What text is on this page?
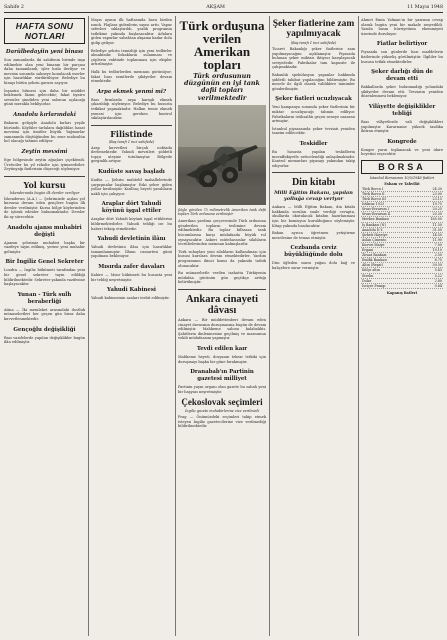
Sahife 2	AKŞAM	11 Mayıs 1948
HAFTA SONU NOTLARI
Darülbedayiin yeni binası

Son zamanlarda iki sahifenin birinde inşa edilmekte olan yeni binanın bir parçası daha tamamlandı; işler hızla ilerliyor ve mevsim sonunda sahneye konulacak eserler için hazırlıklar sürdürülüyor. Belediye bu binayı bütün şehrin gururu sayıyor.

İnşaatın bitmesi için daha bir müddet beklemek lâzım gelecektir; fakat tiyatro sevenler şimdiden yeni salonun açılacağı günü merakla bekliyorlar.

Anadolu kırlarındaki

Baharın gelişiyle Anadolu kırları yeşile büründü. Köylüler tarlalara dağıldılar, hasat mevsimi için ümitler büyük. Yağmurlar zamanında düştüğünden bu sene mahsulün bol olacağı tahmin ediliyor.

Zeytin mevsimi

Ege bölgesinde zeytin ağaçları çiçeklendi. Üreticiler bu yıl rekolte için iyimserdirler. Zeytinyağı fiatlerinin düşeceği söyleniyor.

Yol kursu
İskenderunda bugün ilk dersler veriliyor

İskenderun (A.A.) — Şehrimizde açılan yol kursuna devam eden gençlere bugün ilk dersler verilmiştir. Kursa bölge köylerinden de iştirak edenler bulunmaktadır. Dersler iki ay sürecektir.

Anadolu ajansı muhabiri değişti

Ajansın şehrimiz muhabiri başka bir vazifeye tayin edilmiş, yerine yeni muhabir gelmiştir.

Bir İngiliz Genel Sekreter

Londra — İngiliz hükümeti tarafından yeni bir genel sekreter tayin edildiği bildirilmektedir. Sekreter yakında vazifesine başlayacaktır.

Yunan - Türk sulh beraberliği

Atina — İki memleket arasındaki dostluk münasebetleri her geçen gün biraz daha kuvvetlenmektedir.

Gençoğlu değişikliği

Bazı vazifelerde yapılan değişiklikler bugün ilân edilmiştir.

Mayıs ayının ilk haftasında hava birden ısındı. Plajlara gidenlerin sayısı arttı. Vapur seferleri sıklaştırıldı, yazlık programın tatbikine yakında başlanacaktır. Adalara giden vapurlar sabahtan akşama kadar dolu gidip geliyor.

Belediye şehrin temizliği için yeni tedbirler almaktadır. Sokakların sulanması ve çöplerin vaktinde toplanması için ekipler artırılmıştır.

Halk bu tedbirlerden memnun görünüyor; fakat bazı semtlerde şikâyetler devam etmektedir.

Arpa ekmek yenmi mi?

Bazı fırınlarda arpa karışık ekmek çıkarıldığı söyleniyor. Belediye bu hususta tetkikat yapmaktadır. Halkın temiz ekmek yemesi için gereken kontrol sıkılaştırılacaktır.

Filistinde
(Baş tarafı 1 inci sahifede)

Arap kuvvetleri birçok noktada ilerlemektedir. Yahudi mevzileri şiddetli topçu ateşine tutulmuştur. Bölgede gerginlik artıyor.

Kudüste savaş başladı

Kudüs — Şehrin muhtelif mahallelerinde çarpışmalar başlamıştır. Eski şehre giden yollar kesilmiştir. Kızılhaç heyeti yaralıların nakli için çalışıyor.

Araplar dört Yahudi köyünü işgal ettiler

Araplar dört Yahudi köyünü işgal ettiklerini bildirmektedirler. Yahudi tebliği ise bu haberi tekzip etmektedir.

Yahudi devletinin ilânı

Yahudi devletinin ilânı için hazırlıklar tamamlanmıştır. İlânın cumartesi günü yapılması bekleniyor.

Mısırda zafer davaları

Kahire — Mısır hükümeti bu hususta yeni bir tebliğ neşretmiştir.

Yahudi Kabinesi

Yahudi kabinesinin azaları tesbit edilmiştir.

Türk orduşuna verilen Amerikan topları
Türk ordusunun düzgünün en iyi tank dafii topları verilmektedir
Şöyle görülen 75 milimetrelik Amerikan tank dafii topları Türk ordusuna verilmiştir

Amerikan yardımı çerçevesinde Türk ordusuna gönderilen topların teslimine devam edilmektedir. Bu toplar bilhassa tank hücumlarına karşı müdafaada büyük rol oynayacaktır. Askeri mütehassıslar silahların tecrübelerinden memnun kalmışlardır.

Türk subayları yeni silahların kullanılması için hususi kurslara devam etmektedirler. Yardım programının ikinci kısmı da yakında tatbik olunacaktır.

Bu münasebetle verilen izahatta Türkiyenin müdafaa gücünün gün geçtikçe arttığı belirtilmiştir.

Ankara cinayeti dâvası

Ankara — Bir müddettenberi devam eden cinayet davasının duruşmasına bugün de devam edilmiştir. Mahkeme salonu kalabalıktı. Şahitlerin dinlenmesine geçilmiş ve maznunun vekili müdafaasını yapmıştır.

Tevdi edilen kaır

Mahkeme heyeti, dosyanın tekrar tetkiki için duruşmayı başka bir güne bırakmıştır.

Dranabab'ın Partinin gazetesi milliyet

Partinin yayın organı olan gazete bu sabah yeni bir başyazı neşretmiştir.

Çekoslovak seçimleri
İngiliz gazete muhabirlerine vize verilmedi

Prag — Önümüzdeki seçimleri takip etmek isteyen İngiliz gazetecilerine vize verilmediği bildirilmektedir.

Şeker fiatlerine zam yapılmıyacak
(Baş tarafı 1 inci sahifede)

Ticaret Bakanlığı şeker fiatlerine zam yapılmayacağını açıklamıştır. Piyasada bulunan şeker miktarı ihtiyacı karşılayacak seviyededir. Fabrikalar tam kapasite ile çalışmaktadır.

Bakanlık spekülasyon yapanlar hakkında şiddetli takibat yapılacağını bildirmiştir. Bu mesele ile ilgili olarak valiliklere tamimler gönderilmiştir.

Şeker fiatleri ucuzlıyacak

Yeni kampanya sonunda şeker fiatlerinin bir miktar ucuzlıyacağı tahmin ediliyor. Fabrikaların istihsalâtı geçen seneye nazaran artmıştır.

İstanbul piyasasında şeker tevziatı yeniden tanzim edilecektir.

Teskidler

Bu hususta yapılan teskidlerin muvaffakiyetle neticelendiği anlaşılmaktadır. Kontrol memurları piyasayı yakından takip ediyorlar.

Din kitabı
Milli Eğitim Bakanı, yapılan yolluğa cevap veriyor

Ankara — Milli Eğitim Bakanı, din kitabı hakkında sorulan suale verdiği cevapta, okullarda okutulacak kitabın hazırlanması için bir komisyon kurulduğunu söylemiştir. Kitap yakında basılacaktır.

Bakan ayrıca öğretmen yetiştirme meselesine de temas etmiştir.

Cezbanda ceviz büyüklüğünde dolu

Dün öğleden sonra yağan dolu bağ ve bahçelere zarar vermiştir.

Ahmet Emin Yalman'ın bir yazısına cevap olarak bugün yeni bir makale neşredildi. Yazıda basın hürriyetinin ehemmiyeti üzerinde duruluyor.

Fiatlar belirtiyor

Piyasada son günlerde bazı maddelerin fiatlerinde yükseliş görülmüştür. İlgililer bu hususu tetkik etmektedirler.

Şeker darlığı dün de devam etti

Bakkallarda şeker bulunmadığı yolundaki şikâyetler devam etti. Tevziatın yeniden düzenlenmesi bekleniyor.

Vilâyette değişiklikler tebliği

Bazı vilâyetlerde vali değişiklikleri yapılmıştır. Kararname yüksek tasdika iktiran etmiştir.

Kongrede

Kongre yarın toplanacak ve yeni idare heyetini seçecektir.

BORSA
İstanbul Borsasının 10/5/1948 fiatleri
Esham ve Tahvilât
Türk Borcu I	24.30
Türk Borcu II	23.00
Türk Borcu III	23.15
İstikraz 1933	19.75
Sivas-Erzurum I	20.25
Sivas-Erzurum II	20.30
Merkez Bankası	165.00
İş Bankası (N)	11.50
Anadolu D.Y.	31.00
Şirketi Hayriye	14.50
Aslan Çimento	11.90
Kuvvei Maiye	7.00
Ergani	19.10
Ziraat Bankası	2.50
Emlâk Bankası	8.75
Altın (Reşat)	39.50
Külçe altın	5.43
Sterlin	5.22
Dolar	2.80
İsviçre Frangı	0.64
Kapanış fiatleri
